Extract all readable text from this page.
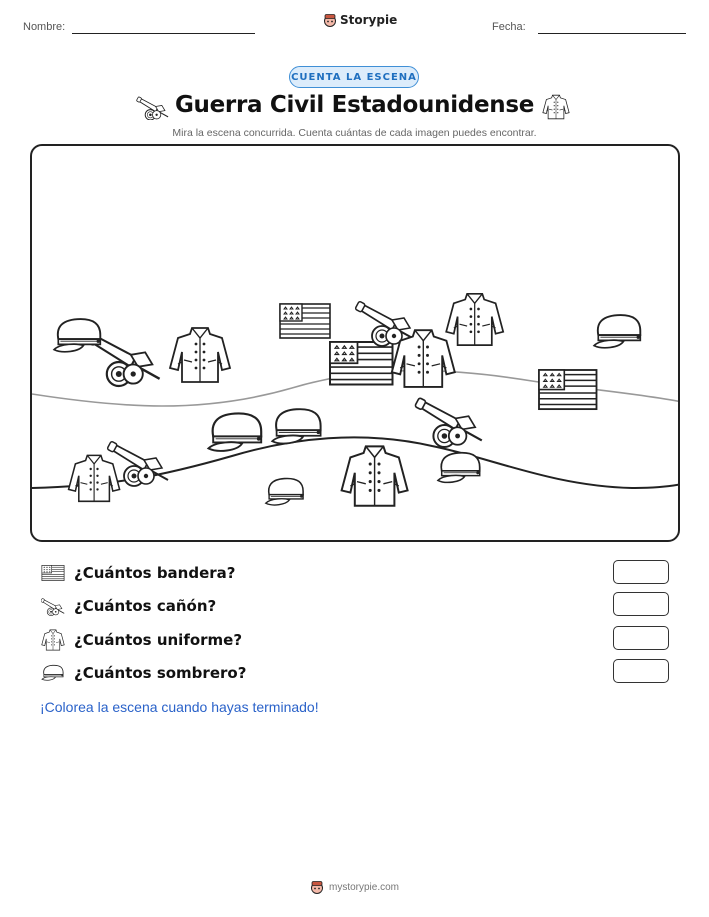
Nombre:	Storypie	Fecha:
CUENTA LA ESCENA
Guerra Civil Estadounidense
Mira la escena concurrida. Cuenta cuántas de cada imagen puedes encontrar.
¿Cuántos bandera?
¿Cuántos cañón?
¿Cuántos uniforme?
¿Cuántos sombrero?
¡Colorea la escena cuando hayas terminado!
mystorypie.com
